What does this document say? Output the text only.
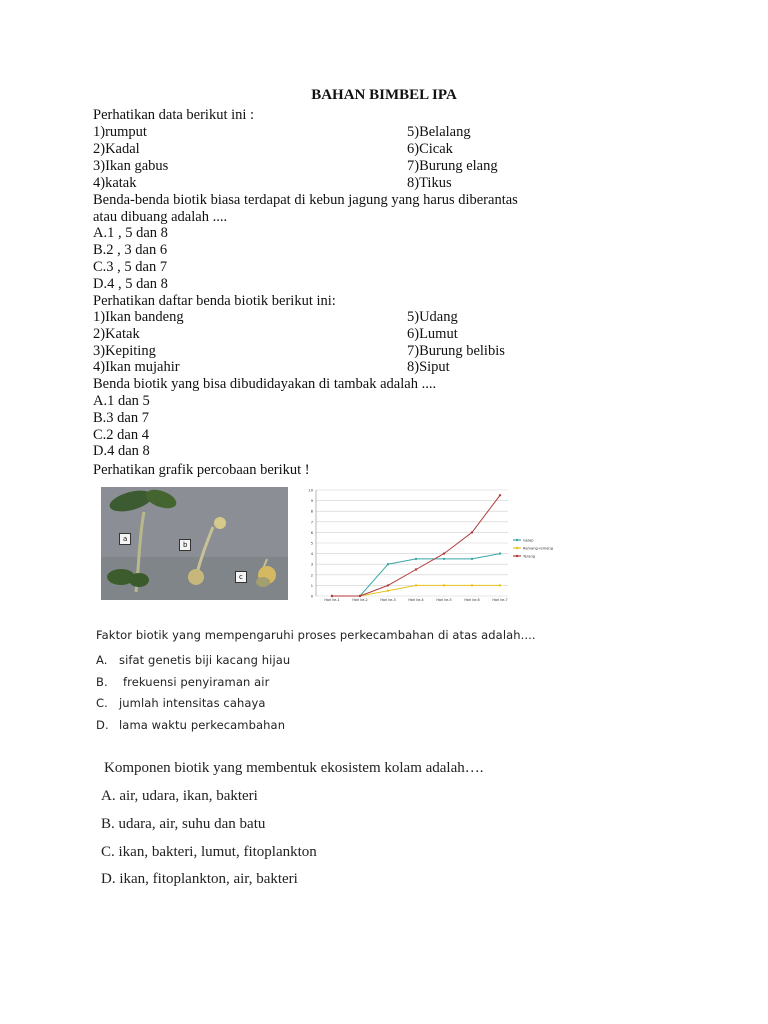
BAHAN BIMBEL IPA
Perhatikan data berikut ini :
1)rumput	5)Belalang
2)Kadal	6)Cicak
3)Ikan gabus	7)Burung elang
4)katak	8)Tikus
Benda-benda biotik biasa terdapat di kebun jagung yang harus diberantas
atau dibuang adalah ....
A.1 , 5 dan 8
B.2 , 3 dan 6
C.3 , 5 dan 7
D.4 , 5 dan 8
Perhatikan daftar benda biotik berikut ini:
1)Ikan bandeng	5)Udang
2)Katak	6)Lumut
3)Kepiting	7)Burung belibis
4)Ikan mujahir	8)Siput
Benda biotik yang bisa dibudidayakan di tambak adalah ....
A.1 dan 5
B.3 dan 7
C.2 dan 4
D.4 dan 8
Perhatikan grafik percobaan berikut !
a
b
c
0
1
2
3
4
5
6
7
8
9
10
Hari ke-1	Hari ke-2	Hari ke-3	Hari ke-4	Hari ke-5	Hari ke-6	Hari ke-7
Gelap
Remang-remang
Terang
Faktor biotik yang mempengaruhi proses perkecambahan di atas adalah....
A. sifat genetis biji kacang hijau
B. frekuensi penyiraman air
C. jumlah intensitas cahaya
D. lama waktu perkecambahan
Komponen biotik yang membentuk ekosistem kolam adalah….
A. air, udara, ikan, bakteri
B. udara, air, suhu dan batu
C. ikan, bakteri, lumut, fitoplankton
D. ikan, fitoplankton, air, bakteri
